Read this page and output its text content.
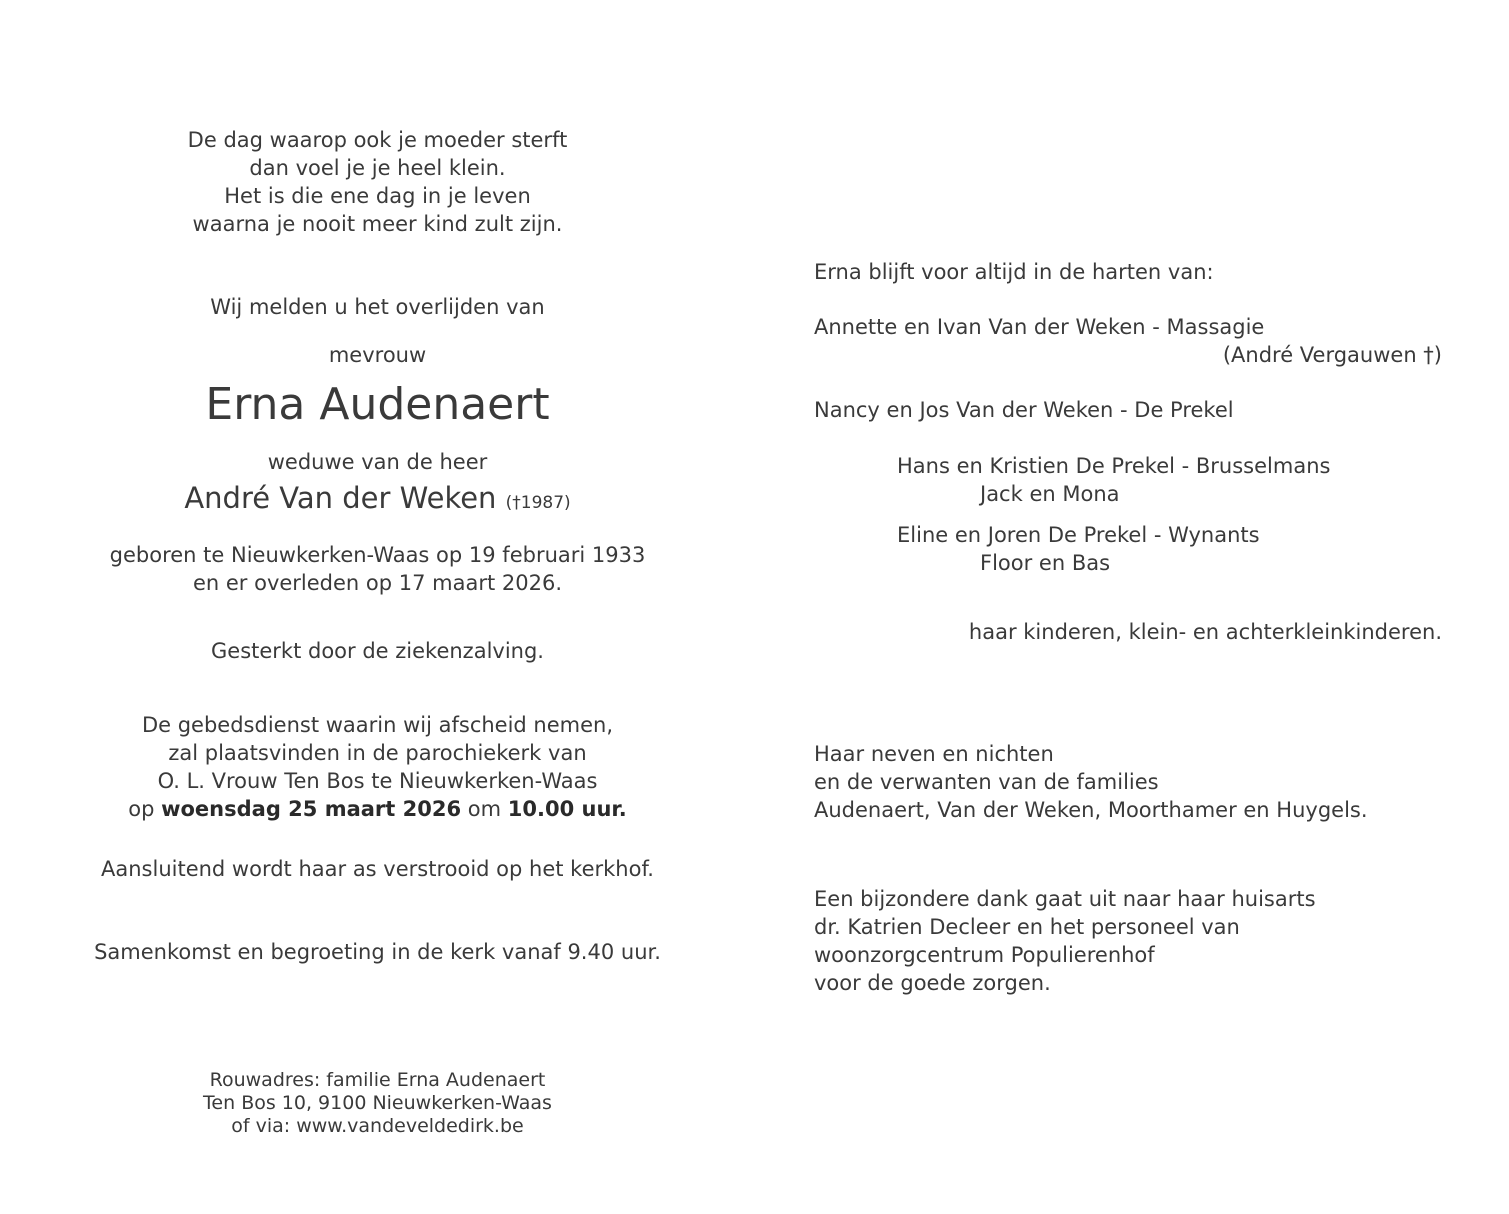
De dag waarop ook je moeder sterft
dan voel je je heel klein.
Het is die ene dag in je leven
waarna je nooit meer kind zult zijn.
Wij melden u het overlijden van
mevrouw
Erna Audenaert
weduwe van de heer
André Van der Weken (†1987)
geboren te Nieuwkerken-Waas op 19 februari 1933
en er overleden op 17 maart 2026.
Gesterkt door de ziekenzalving.
De gebedsdienst waarin wij afscheid nemen,
zal plaatsvinden in de parochiekerk van
O. L. Vrouw Ten Bos te Nieuwkerken-Waas
op woensdag 25 maart 2026 om 10.00 uur.
Aansluitend wordt haar as verstrooid op het kerkhof.
Samenkomst en begroeting in de kerk vanaf 9.40 uur.
Rouwadres: familie Erna Audenaert
Ten Bos 10, 9100 Nieuwkerken-Waas
of via: www.vandeveldedirk.be
Erna blijft voor altijd in de harten van:
Annette en Ivan Van der Weken - Massagie
(André Vergauwen †)
Nancy en Jos Van der Weken - De Prekel
Hans en Kristien De Prekel - Brusselmans
Jack en Mona
Eline en Joren De Prekel - Wynants
Floor en Bas
haar kinderen, klein- en achterkleinkinderen.
Haar neven en nichten
en de verwanten van de families
Audenaert, Van der Weken, Moorthamer en Huygels.
Een bijzondere dank gaat uit naar haar huisarts
dr. Katrien Decleer en het personeel van
woonzorgcentrum Populierenhof
voor de goede zorgen.
